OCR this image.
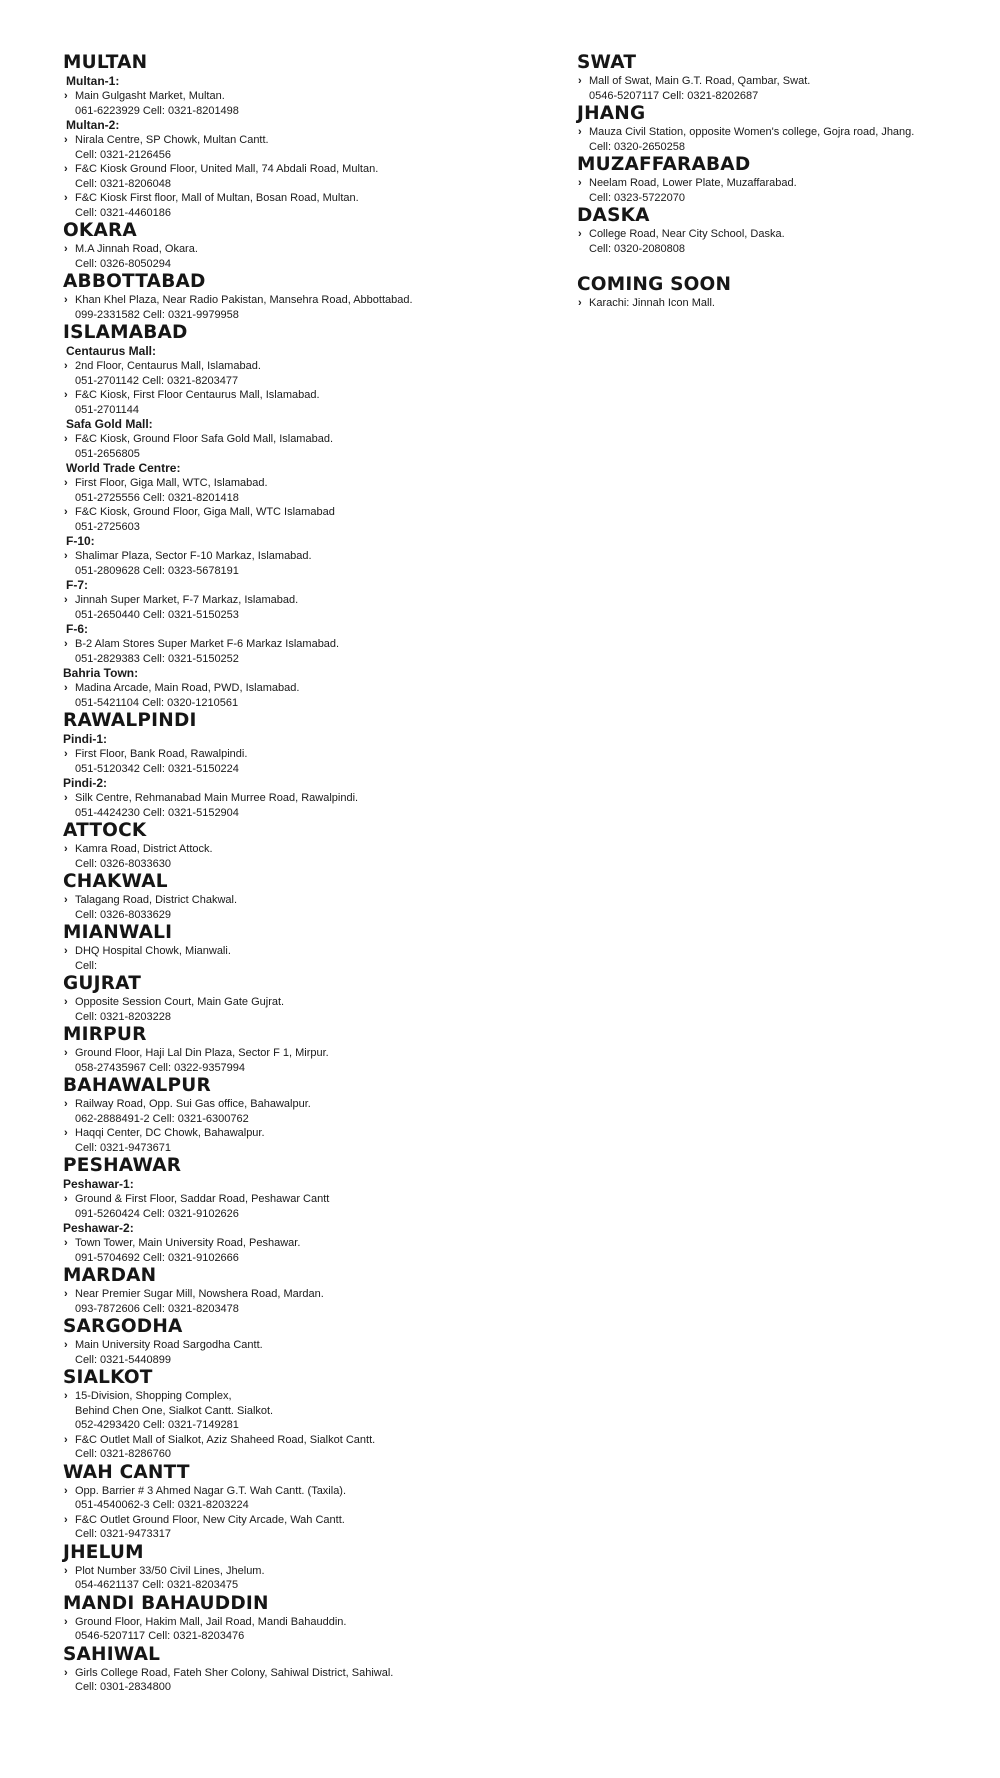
MULTAN
Multan-1:
› Main Gulgasht Market, Multan.
061-6223929 Cell: 0321-8201498
Multan-2:
› Nirala Centre, SP Chowk, Multan Cantt.
Cell: 0321-2126456
› F&C Kiosk Ground Floor, United Mall, 74 Abdali Road, Multan.
Cell: 0321-8206048
› F&C Kiosk First floor, Mall of Multan, Bosan Road, Multan.
Cell: 0321-4460186
OKARA
› M.A Jinnah Road, Okara.
Cell: 0326-8050294
ABBOTTABAD
› Khan Khel Plaza, Near Radio Pakistan, Mansehra Road, Abbottabad.
099-2331582 Cell: 0321-9979958
ISLAMABAD
Centaurus Mall:
› 2nd Floor, Centaurus Mall, Islamabad.
051-2701142 Cell: 0321-8203477
› F&C Kiosk, First Floor Centaurus Mall, Islamabad.
051-2701144
Safa Gold Mall:
› F&C Kiosk, Ground Floor Safa Gold Mall, Islamabad.
051-2656805
World Trade Centre:
› First Floor, Giga Mall, WTC, Islamabad.
051-2725556 Cell: 0321-8201418
› F&C Kiosk, Ground Floor, Giga Mall, WTC Islamabad
051-2725603
F-10:
› Shalimar Plaza, Sector F-10 Markaz, Islamabad.
051-2809628 Cell: 0323-5678191
F-7:
› Jinnah Super Market, F-7 Markaz, Islamabad.
051-2650440 Cell: 0321-5150253
F-6:
› B-2 Alam Stores Super Market F-6 Markaz Islamabad.
051-2829383 Cell: 0321-5150252
Bahria Town:
› Madina Arcade, Main Road, PWD, Islamabad.
051-5421104 Cell: 0320-1210561
RAWALPINDI
Pindi-1:
› First Floor, Bank Road, Rawalpindi.
051-5120342 Cell: 0321-5150224
Pindi-2:
› Silk Centre, Rehmanabad Main Murree Road, Rawalpindi.
051-4424230 Cell: 0321-5152904
ATTOCK
› Kamra Road, District Attock.
Cell: 0326-8033630
CHAKWAL
› Talagang Road, District Chakwal.
Cell: 0326-8033629
MIANWALI
› DHQ Hospital Chowk, Mianwali.
Cell:
GUJRAT
› Opposite Session Court, Main Gate Gujrat.
Cell: 0321-8203228
MIRPUR
› Ground Floor, Haji Lal Din Plaza, Sector F 1, Mirpur.
058-27435967 Cell: 0322-9357994
BAHAWALPUR
› Railway Road, Opp. Sui Gas office, Bahawalpur.
062-2888491-2 Cell: 0321-6300762
› Haqqi Center, DC Chowk, Bahawalpur.
Cell: 0321-9473671
PESHAWAR
Peshawar-1:
› Ground & First Floor, Saddar Road, Peshawar Cantt
091-5260424 Cell: 0321-9102626
Peshawar-2:
› Town Tower, Main University Road, Peshawar.
091-5704692 Cell: 0321-9102666
MARDAN
› Near Premier Sugar Mill, Nowshera Road, Mardan.
093-7872606 Cell: 0321-8203478
SARGODHA
› Main University Road Sargodha Cantt.
Cell: 0321-5440899
SIALKOT
› 15-Division, Shopping Complex,
Behind Chen One, Sialkot Cantt. Sialkot.
052-4293420 Cell: 0321-7149281
› F&C Outlet Mall of Sialkot, Aziz Shaheed Road, Sialkot Cantt.
Cell: 0321-8286760
WAH CANTT
› Opp. Barrier # 3 Ahmed Nagar G.T. Wah Cantt. (Taxila).
051-4540062-3 Cell: 0321-8203224
› F&C Outlet Ground Floor, New City Arcade, Wah Cantt.
Cell: 0321-9473317
JHELUM
› Plot Number 33/50 Civil Lines, Jhelum.
054-4621137 Cell: 0321-8203475
MANDI BAHAUDDIN
› Ground Floor, Hakim Mall, Jail Road, Mandi Bahauddin.
0546-5207117 Cell: 0321-8203476
SAHIWAL
› Girls College Road, Fateh Sher Colony, Sahiwal District, Sahiwal.
Cell: 0301-2834800
SWAT
› Mall of Swat, Main G.T. Road, Qambar, Swat.
0546-5207117 Cell: 0321-8202687
JHANG
› Mauza Civil Station, opposite Women's college, Gojra road, Jhang.
Cell: 0320-2650258
MUZAFFARABAD
› Neelam Road, Lower Plate, Muzaffarabad.
Cell: 0323-5722070
DASKA
› College Road, Near City School, Daska.
Cell: 0320-2080808
COMING SOON
› Karachi: Jinnah Icon Mall.
